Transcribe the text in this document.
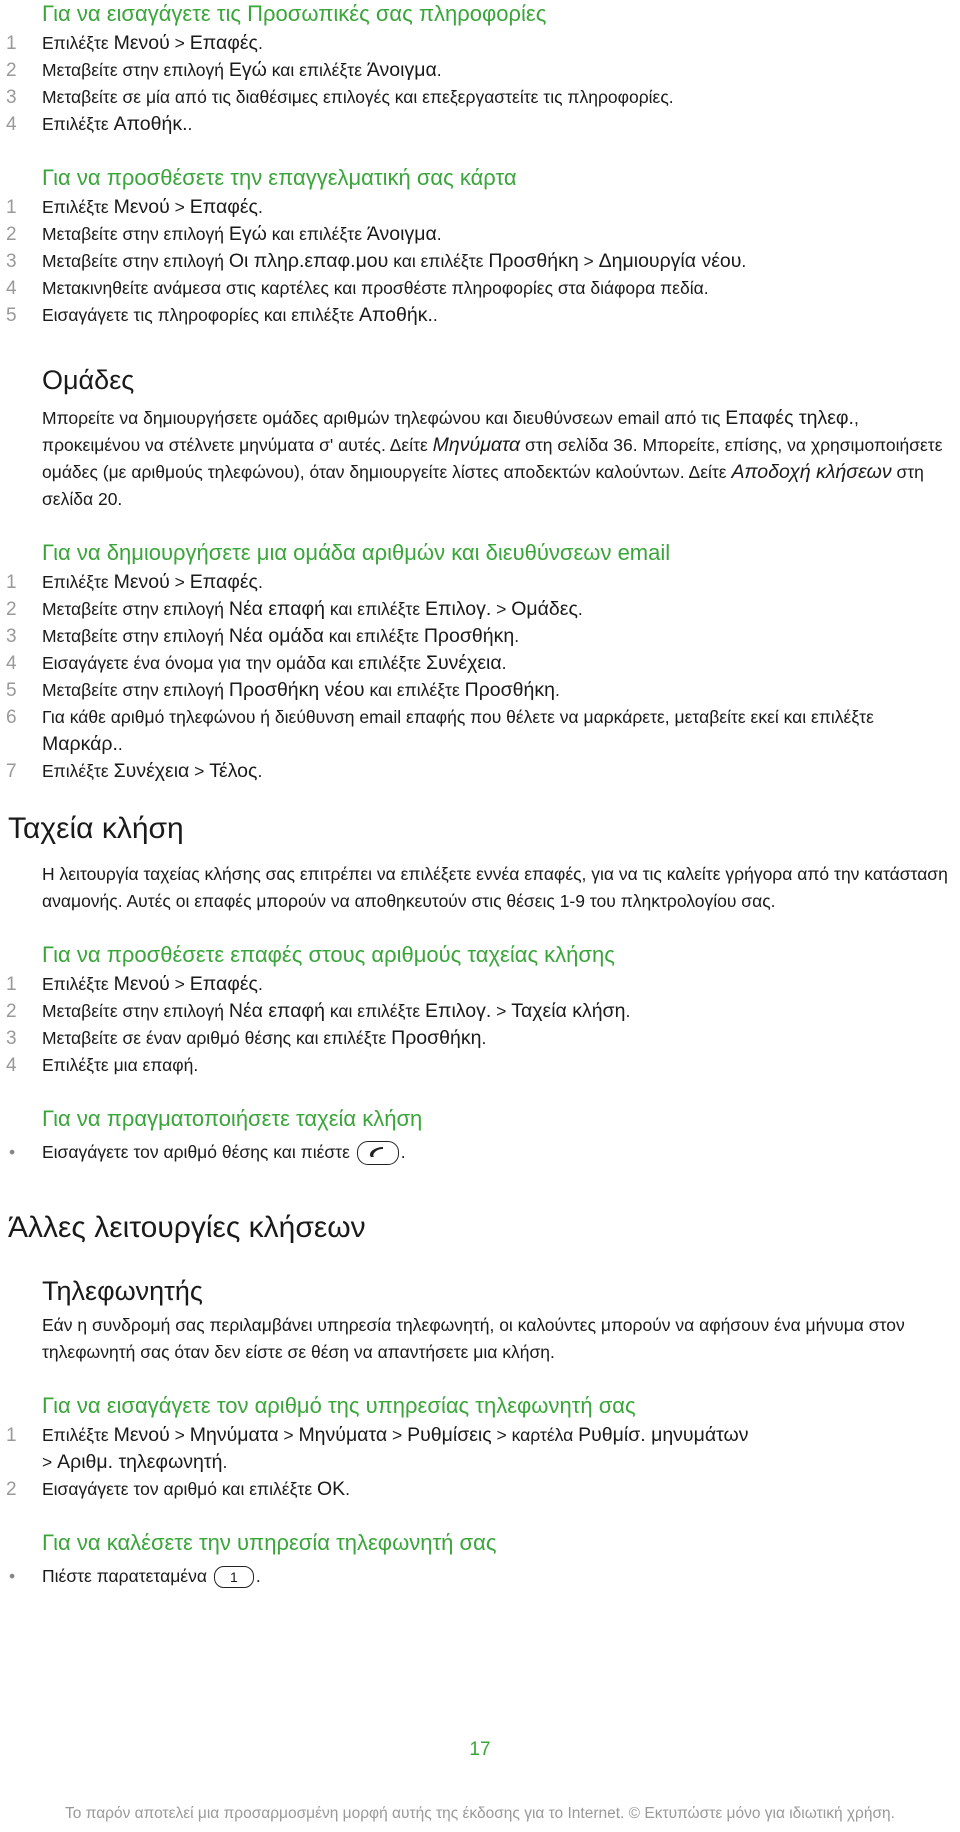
Για να εισαγάγετε τις Προσωπικές σας πληροφορίες
1 Επιλέξτε Μενού > Επαφές.
2 Μεταβείτε στην επιλογή Εγώ και επιλέξτε Άνοιγμα.
3 Μεταβείτε σε μία από τις διαθέσιμες επιλογές και επεξεργαστείτε τις πληροφορίες.
4 Επιλέξτε Αποθήκ..
Για να προσθέσετε την επαγγελματική σας κάρτα
1 Επιλέξτε Μενού > Επαφές.
2 Μεταβείτε στην επιλογή Εγώ και επιλέξτε Άνοιγμα.
3 Μεταβείτε στην επιλογή Οι πληρ.επαφ.μου και επιλέξτε Προσθήκη > Δημιουργία νέου.
4 Μετακινηθείτε ανάμεσα στις καρτέλες και προσθέστε πληροφορίες στα διάφορα πεδία.
5 Εισαγάγετε τις πληροφορίες και επιλέξτε Αποθήκ..
Ομάδες

Μπορείτε να δημιουργήσετε ομάδες αριθμών τηλεφώνου και διευθύνσεων email από τις Επαφές τηλεφ., προκειμένου να στέλνετε μηνύματα σ' αυτές. Δείτε Μηνύματα στη σελίδα 36. Μπορείτε, επίσης, να χρησιμοποιήσετε ομάδες (με αριθμούς τηλεφώνου), όταν δημιουργείτε λίστες αποδεκτών καλούντων. Δείτε Αποδοχή κλήσεων στη σελίδα 20.

Για να δημιουργήσετε μια ομάδα αριθμών και διευθύνσεων email
1 Επιλέξτε Μενού > Επαφές.
2 Μεταβείτε στην επιλογή Νέα επαφή και επιλέξτε Επιλογ. > Ομάδες.
3 Μεταβείτε στην επιλογή Νέα ομάδα και επιλέξτε Προσθήκη.
4 Εισαγάγετε ένα όνομα για την ομάδα και επιλέξτε Συνέχεια.
5 Μεταβείτε στην επιλογή Προσθήκη νέου και επιλέξτε Προσθήκη.
6 Για κάθε αριθμό τηλεφώνου ή διεύθυνση email επαφής που θέλετε να μαρκάρετε, μεταβείτε εκεί και επιλέξτε Μαρκάρ..
7 Επιλέξτε Συνέχεια > Τέλος.
Ταχεία κλήση

Η λειτουργία ταχείας κλήσης σας επιτρέπει να επιλέξετε εννέα επαφές, για να τις καλείτε γρήγορα από την κατάσταση αναμονής. Αυτές οι επαφές μπορούν να αποθηκευτούν στις θέσεις 1-9 του πληκτρολογίου σας.

Για να προσθέσετε επαφές στους αριθμούς ταχείας κλήσης
1 Επιλέξτε Μενού > Επαφές.
2 Μεταβείτε στην επιλογή Νέα επαφή και επιλέξτε Επιλογ. > Ταχεία κλήση.
3 Μεταβείτε σε έναν αριθμό θέσης και επιλέξτε Προσθήκη.
4 Επιλέξτε μια επαφή.
Για να πραγματοποιήσετε ταχεία κλήση
• Εισαγάγετε τον αριθμό θέσης και πιέστε	.
Άλλες λειτουργίες κλήσεων
Τηλεφωνητής

Εάν η συνδρομή σας περιλαμβάνει υπηρεσία τηλεφωνητή, οι καλούντες μπορούν να αφήσουν ένα μήνυμα στον τηλεφωνητή σας όταν δεν είστε σε θέση να απαντήσετε μια κλήση.

Για να εισαγάγετε τον αριθμό της υπηρεσίας τηλεφωνητή σας
1 Επιλέξτε Μενού > Μηνύματα > Μηνύματα > Ρυθμίσεις > καρτέλα Ρυθμίσ. μηνυμάτων
> Αριθμ. τηλεφωνητή.
2 Εισαγάγετε τον αριθμό και επιλέξτε OK.
Για να καλέσετε την υπηρεσία τηλεφωνητή σας
• Πιέστε παρατεταμένα 1 .
17
Το παρόν αποτελεί μια προσαρμοσμένη μορφή αυτής της έκδοσης για το Internet. © Εκτυπώστε μόνο για ιδιωτική χρήση.
